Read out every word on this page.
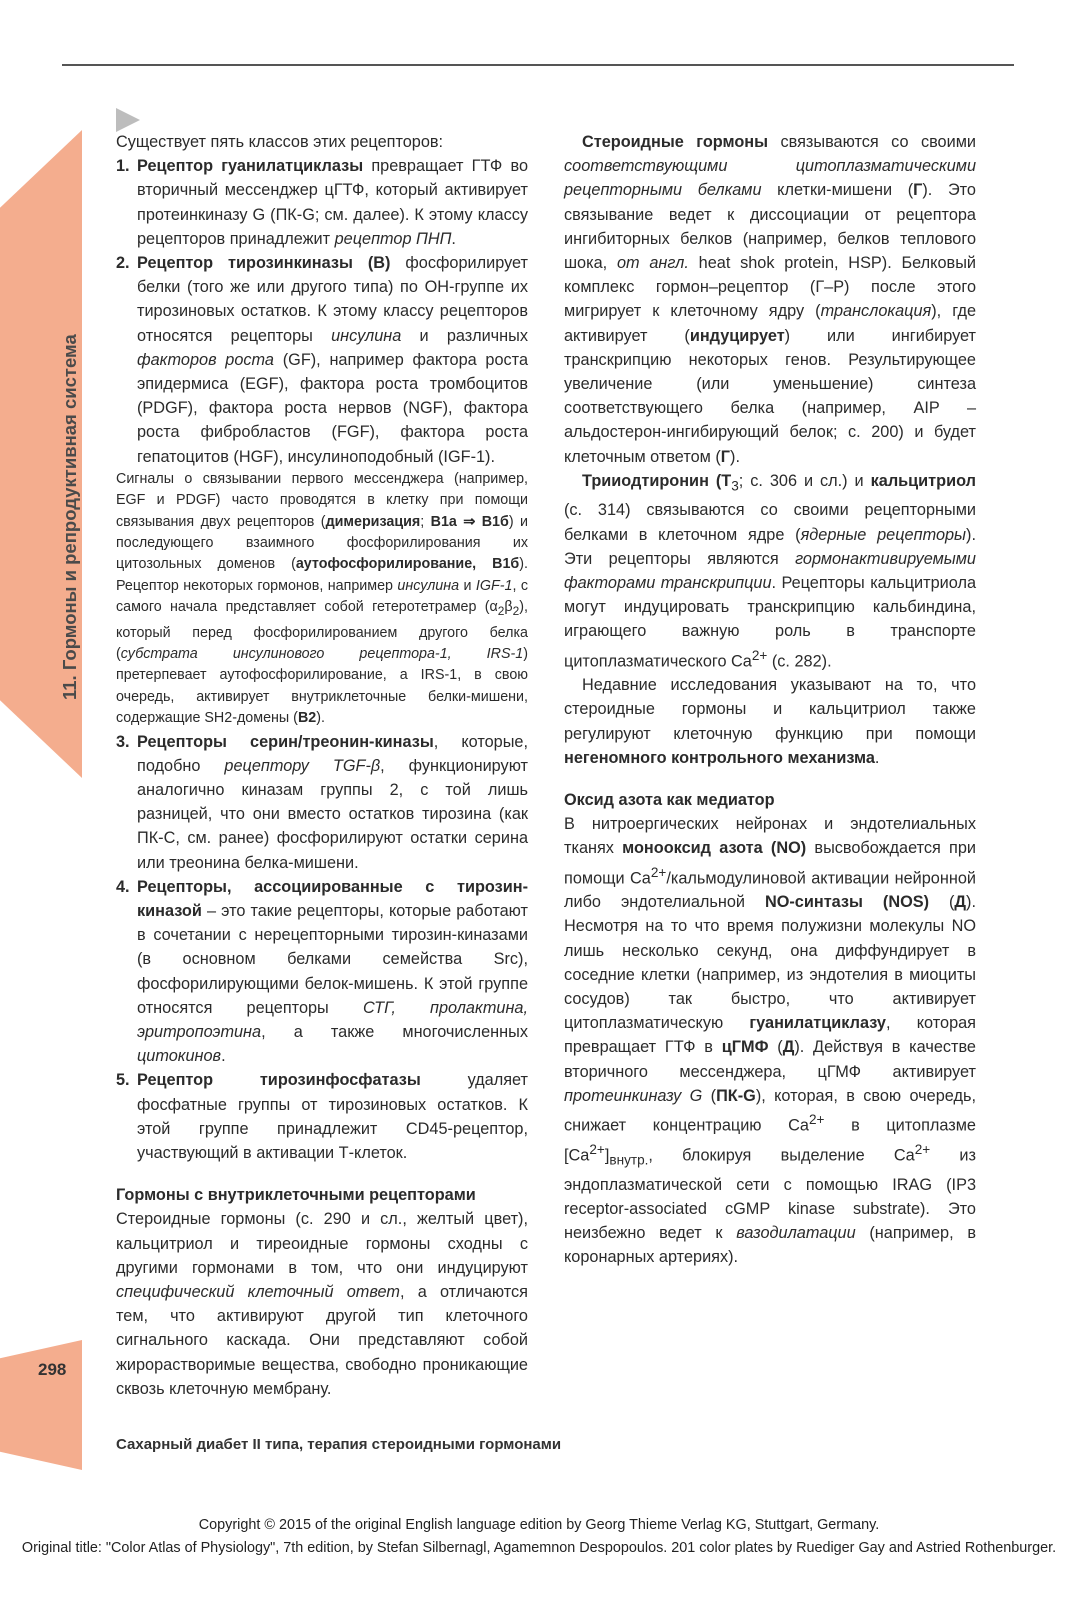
11. Гормоны и репродуктивная система
298

Существует пять классов этих рецепторов:

1. Рецептор гуанилатциклазы превращает ГТФ во вторичный мессенджер цГТФ, который активирует протеинкиназу G (ПК-G; см. далее). К этому классу рецепторов принадлежит рецептор ПНП.
2. Рецептор тирозинкиназы (В) фосфорилирует белки (того же или другого типа) по ОН-группе их тирозиновых остатков. К этому классу рецепторов относятся рецепторы инсулина и различных факторов роста (GF), например фактора роста эпидермиса (EGF), фактора роста тромбоцитов (PDGF), фактора роста нервов (NGF), фактора роста фибробластов (FGF), фактора роста гепатоцитов (HGF), инсулиноподобный (IGF-1).

Сигналы о связывании первого мессенджера (например, EGF и PDGF) часто проводятся в клетку при помощи связывания двух рецепторов (димеризация; В1а ⇒ В1б) и последующего взаимного фосфорилирования их цитозольных доменов (аутофосфорилирование, В1б). Рецептор некоторых гормонов, например инсулина и IGF-1, с самого начала представляет собой гетеротетрамер $(\alpha_2\beta_2)$, который перед фосфорилированием другого белка (субстрата инсулинового рецептора-1, IRS-1) претерпевает аутофосфорилирование, а IRS-1, в свою очередь, активирует внутриклеточные белки-мишени, содержащие SH2-домены (В2).

3. Рецепторы серин/треонин-киназы, которые, подобно рецептору TGF-β, функционируют аналогично киназам группы 2, с той лишь разницей, что они вместо остатков тирозина (как ПК-С, см. ранее) фосфорилируют остатки серина или треонина белка-мишени.
4. Рецепторы, ассоциированные с тирозин-киназой – это такие рецепторы, которые работают в сочетании с нерецепторными тирозин-киназами (в основном белками семейства Src), фосфорилирующими белок-мишень. К этой группе относятся рецепторы СТГ, пролактина, эритропоэтина, а также многочисленных цитокинов.
5. Рецептор тирозинфосфатазы удаляет фосфатные группы от тирозиновых остатков. К этой группе принадлежит CD45-рецептор, участвующий в активации Т-клеток.
Гормоны с внутриклеточными рецепторами

Стероидные гормоны (с. 290 и сл., желтый цвет), кальцитриол и тиреоидные гормоны сходны с другими гормонами в том, что они индуцируют специфический клеточный ответ, а отличаются тем, что активируют другой тип клеточного сигнального каскада. Они представляют собой жирорастворимые вещества, свободно проникающие сквозь клеточную мембрану.

Стероидные гормоны связываются со своими соответствующими цитоплазматическими рецепторными белками клетки-мишени (Г). Это связывание ведет к диссоциации от рецептора ингибиторных белков (например, белков теплового шока, от англ. heat shok protein, HSP). Белковый комплекс гормон–рецептор (Г–Р) после этого мигрирует к клеточному ядру (транслокация), где активирует (индуцирует) или ингибирует транскрипцию некоторых генов. Результирующее увеличение (или уменьшение) синтеза соответствующего белка (например, AIP – альдостерон-ингибирующий белок; с. 200) и будет клеточным ответом (Г).

Трииодтиронин ($Т_3$; с. 306 и сл.) и кальцитриол (с. 314) связываются со своими рецепторными белками в клеточном ядре (ядерные рецепторы). Эти рецепторы являются гормонактивируемыми факторами транскрипции. Рецепторы кальцитриола могут индуцировать транскрипцию кальбиндина, играющего важную роль в транспорте цитоплазматического $Ca^{2+}$ (с. 282).

Недавние исследования указывают на то, что стероидные гормоны и кальцитриол также регулируют клеточную функцию при помощи негеномного контрольного механизма.

Оксид азота как медиатор

В нитроергических нейронах и эндотелиальных тканях монооксид азота (NO) высвобождается при помощи $Ca^{2+}$/кальмодулиновой активации нейронной либо эндотелиальной NO-синтазы (NOS) (Д). Несмотря на то что время полужизни молекулы NO лишь несколько секунд, она диффундирует в соседние клетки (например, из эндотелия в миоциты сосудов) так быстро, что активирует цитоплазматическую гуанилатциклазу, которая превращает ГТФ в цГМФ (Д). Действуя в качестве вторичного мессенджера, цГМФ активирует протеинкиназу G (ПК-G), которая, в свою очередь, снижает концентрацию $Ca^{2+}$ в цитоплазме $[Ca^{2+}]_{внутр.}$, блокируя выделение $Ca^{2+}$ из эндоплазматической сети с помощью IRAG (IP3 receptor-associated cGMP kinase substrate). Это неизбежно ведет к вазодилатации (например, в коронарных артериях).

Сахарный диабет II типа, терапия стероидными гормонами
Copyright © 2015 of the original English language edition by Georg Thieme Verlag KG, Stuttgart, Germany.
Original title: "Color Atlas of Physiology", 7th edition, by Stefan Silbernagl, Agamemnon Despopoulos. 201 color plates by Ruediger Gay and Astried Rothenburger.
